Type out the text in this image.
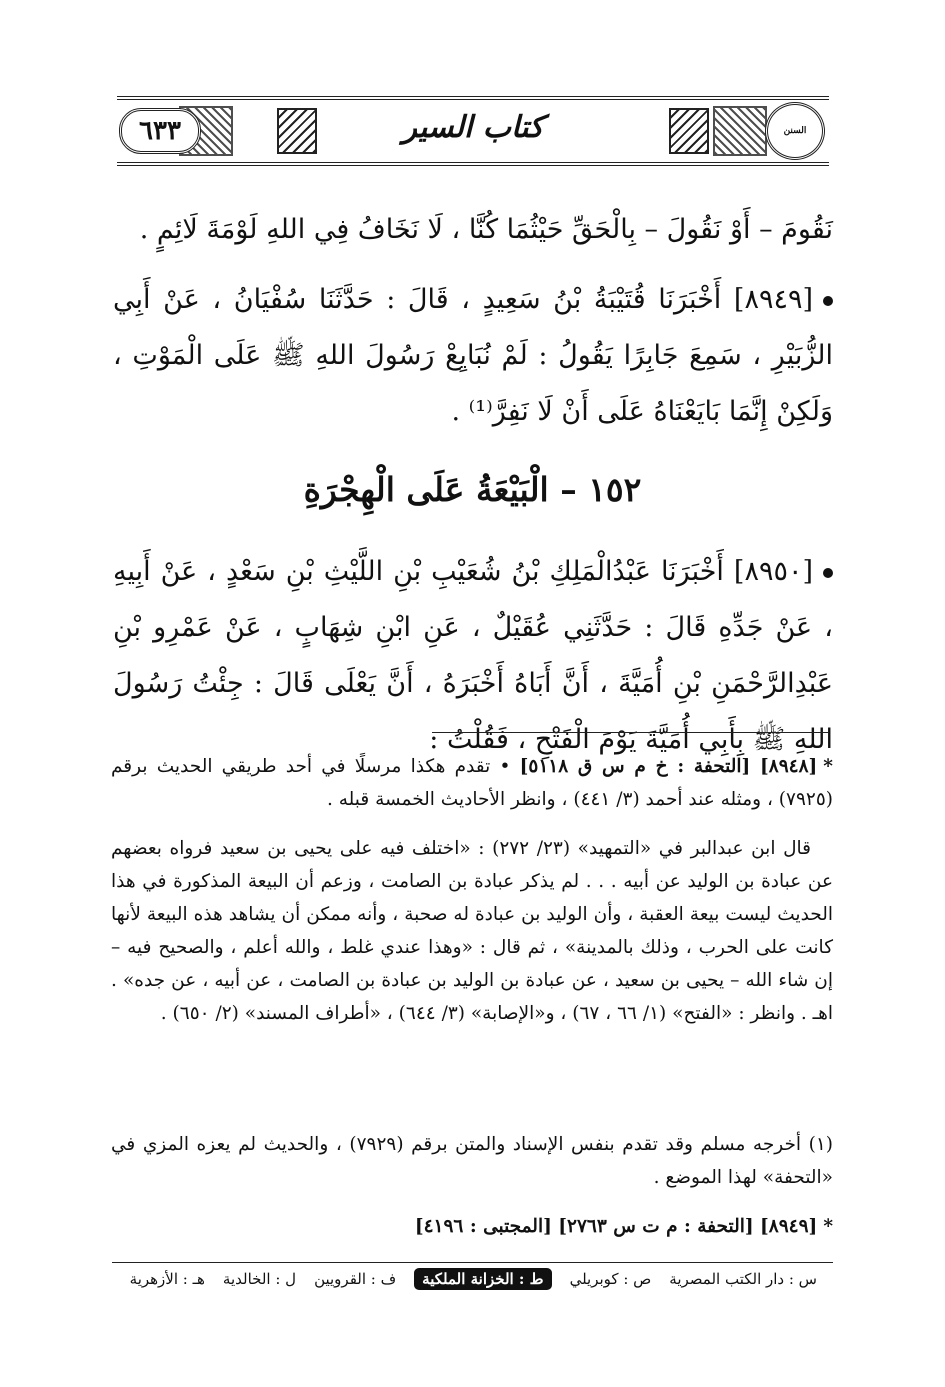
٦٣٣	كتاب السير	السنن
نَقُومَ – أَوْ نَقُولَ – بِالْحَقِّ حَيْثُمَا كُنَّا ، لَا نَخَافُ فِي اللهِ لَوْمَةَ لَائِمٍ .
[٨٩٤٩] أَخْبَرَنَا قُتَيْبَةُ بْنُ سَعِيدٍ ، قَالَ : حَدَّثَنَا سُفْيَانُ ، عَنْ أَبِي الزُّبَيْرِ ، سَمِعَ جَابِرًا يَقُولُ : لَمْ نُبَايِعْ رَسُولَ اللهِ ﷺ عَلَى الْمَوْتِ ، وَلَكِنْ إِنَّمَا بَايَعْنَاهُ عَلَى أَنْ لَا نَفِرَّ⁽¹⁾ .
١٥٢ – الْبَيْعَةُ عَلَى الْهِجْرَةِ
[٨٩٥٠] أَخْبَرَنَا عَبْدُالْمَلِكِ بْنُ شُعَيْبِ بْنِ اللَّيْثِ بْنِ سَعْدٍ ، عَنْ أَبِيهِ ، عَنْ جَدِّهِ قَالَ : حَدَّثَنِي عُقَيْلٌ ، عَنِ ابْنِ شِهَابٍ ، عَنْ عَمْرِو بْنِ عَبْدِالرَّحْمَنِ بْنِ أُمَيَّةَ ، أَنَّ أَبَاهُ أَخْبَرَهُ ، أَنَّ يَعْلَى قَالَ : جِئْتُ رَسُولَ اللهِ ﷺ بِأَبِي أُمَيَّةَ يَوْمَ الْفَتْحِ ، فَقُلْتُ :
*[٨٩٤٨] [التحفة : خ م س ق ٥١١٨] • تقدم هكذا مرسلًا في أحد طريقي الحديث برقم (٧٩٢٥) ، ومثله عند أحمد (٣/ ٤٤١) ، وانظر الأحاديث الخمسة قبله .
قال ابن عبدالبر في «التمهيد» (٢٣/ ٢٧٢) : «اختلف فيه على يحيى بن سعيد فرواه بعضهم عن عبادة بن الوليد عن أبيه . . . لم يذكر عبادة بن الصامت ، وزعم أن البيعة المذكورة في هذا الحديث ليست بيعة العقبة ، وأن الوليد بن عبادة له صحبة ، وأنه ممكن أن يشاهد هذه البيعة لأنها كانت على الحرب ، وذلك بالمدينة» ، ثم قال : «وهذا عندي غلط ، والله أعلم ، والصحيح فيه – إن شاء الله – يحيى بن سعيد ، عن عبادة بن الوليد بن عبادة بن الصامت ، عن أبيه ، عن جده» . اهـ . وانظر : «الفتح» (١/ ٦٦ ، ٦٧) ، و«الإصابة» (٣/ ٦٤٤) ، «أطراف المسند» (٢/ ٦٥٠) .
(١) أخرجه مسلم وقد تقدم بنفس الإسناد والمتن برقم (٧٩٢٩) ، والحديث لم يعزه المزي في «التحفة» لهذا الموضع .
*[٨٩٤٩] [التحفة : م ت س ٢٧٦٣] [المجتبى : ٤١٩٦]
س : دار الكتب المصرية
ص : كوبريلي
ط : الخزانة الملكية
ف : القرويين
ل : الخالدية
هـ : الأزهرية
